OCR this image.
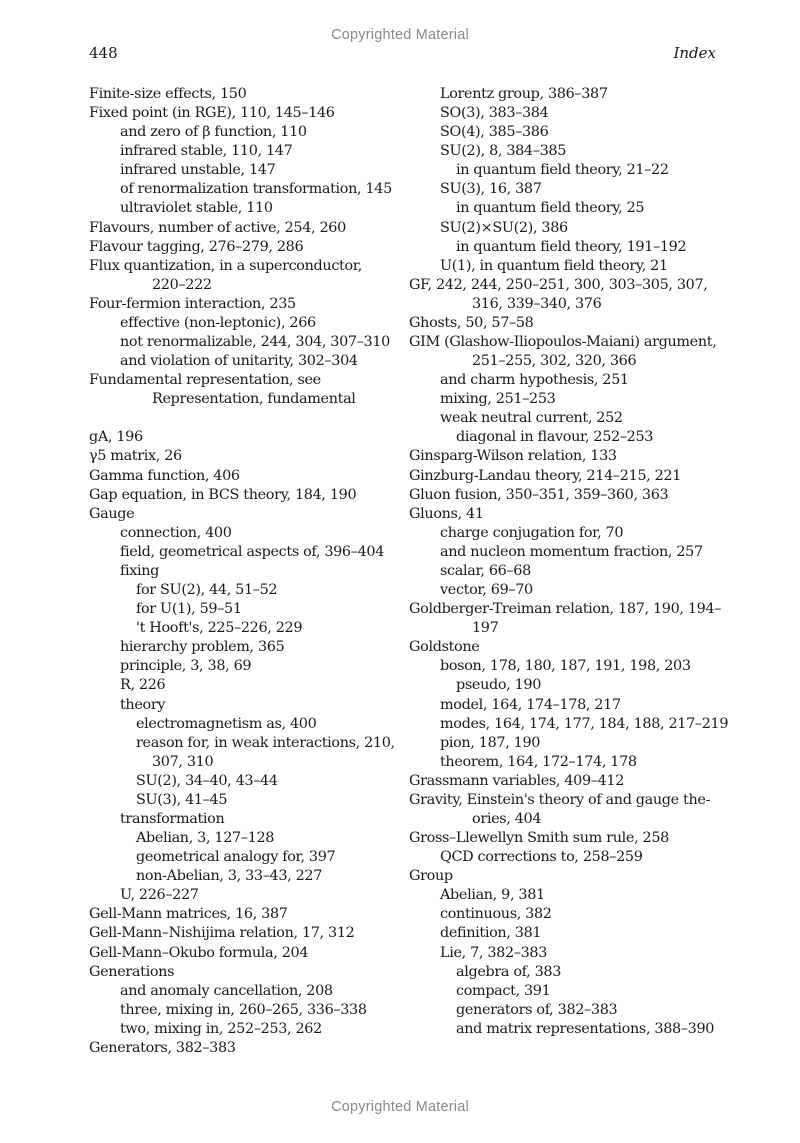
Copyrighted Material
448	Index
Finite-size effects, 150
Fixed point (in RGE), 110, 145–146
and zero of β function, 110
infrared stable, 110, 147
infrared unstable, 147
of renormalization transformation, 145
ultraviolet stable, 110
Flavours, number of active, 254, 260
Flavour tagging, 276–279, 286
Flux quantization, in a superconductor,
220–222
Four-fermion interaction, 235
effective (non-leptonic), 266
not renormalizable, 244, 304, 307–310
and violation of unitarity, 302–304
Fundamental representation, see
Representation, fundamental
gA, 196
γ5 matrix, 26
Gamma function, 406
Gap equation, in BCS theory, 184, 190
Gauge
connection, 400
field, geometrical aspects of, 396–404
fixing
for SU(2), 44, 51–52
for U(1), 59–51
't Hooft's, 225–226, 229
hierarchy problem, 365
principle, 3, 38, 69
R, 226
theory
electromagnetism as, 400
reason for, in weak interactions, 210,
307, 310
SU(2), 34–40, 43–44
SU(3), 41–45
transformation
Abelian, 3, 127–128
geometrical analogy for, 397
non-Abelian, 3, 33–43, 227
U, 226–227
Gell-Mann matrices, 16, 387
Gell-Mann–Nishijima relation, 17, 312
Gell-Mann–Okubo formula, 204
Generations
and anomaly cancellation, 208
three, mixing in, 260–265, 336–338
two, mixing in, 252–253, 262
Generators, 382–383
Lorentz group, 386–387
SO(3), 383–384
SO(4), 385–386
SU(2), 8, 384–385
in quantum field theory, 21–22
SU(3), 16, 387
in quantum field theory, 25
SU(2)×SU(2), 386
in quantum field theory, 191–192
U(1), in quantum field theory, 21
GF, 242, 244, 250–251, 300, 303–305, 307,
316, 339–340, 376
Ghosts, 50, 57–58
GIM (Glashow-Iliopoulos-Maiani) argument,
251–255, 302, 320, 366
and charm hypothesis, 251
mixing, 251–253
weak neutral current, 252
diagonal in flavour, 252–253
Ginsparg-Wilson relation, 133
Ginzburg-Landau theory, 214–215, 221
Gluon fusion, 350–351, 359–360, 363
Gluons, 41
charge conjugation for, 70
and nucleon momentum fraction, 257
scalar, 66–68
vector, 69–70
Goldberger-Treiman relation, 187, 190, 194–
197
Goldstone
boson, 178, 180, 187, 191, 198, 203
pseudo, 190
model, 164, 174–178, 217
modes, 164, 174, 177, 184, 188, 217–219
pion, 187, 190
theorem, 164, 172–174, 178
Grassmann variables, 409–412
Gravity, Einstein's theory of and gauge the-
ories, 404
Gross–Llewellyn Smith sum rule, 258
QCD corrections to, 258–259
Group
Abelian, 9, 381
continuous, 382
definition, 381
Lie, 7, 382–383
algebra of, 383
compact, 391
generators of, 382–383
and matrix representations, 388–390
Copyrighted Material
